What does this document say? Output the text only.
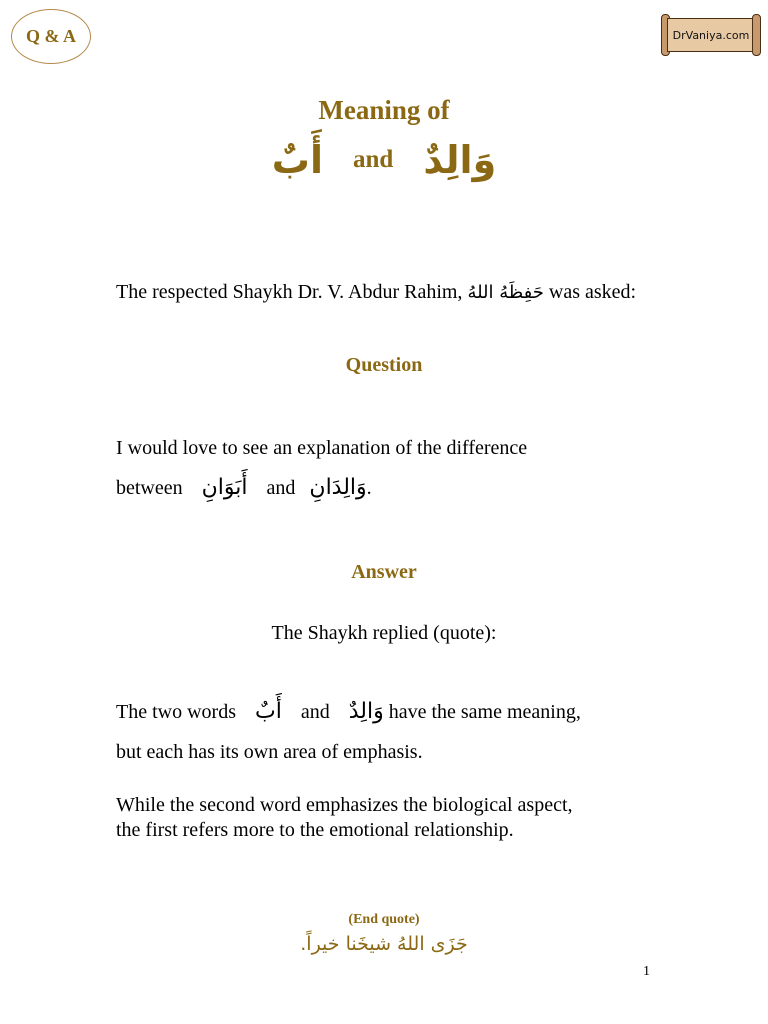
Q & A	DrVaniya.com
Meaning of
أَبٌ and وَالِدٌ
The respected Shaykh Dr. V. Abdur Rahim, حَفِظَهُ اللهُ was asked:
Question
I would love to see an explanation of the difference
between أَبَوَانِ and وَالِدَانِ.
Answer
The Shaykh replied (quote):
The two words أَبٌ and وَالِدٌ have the same meaning,
but each has its own area of emphasis.
While the second word emphasizes the biological aspect,
the first refers more to the emotional relationship.
(End quote)
جَزَى اللهُ شيخَنا خيراً.
1
